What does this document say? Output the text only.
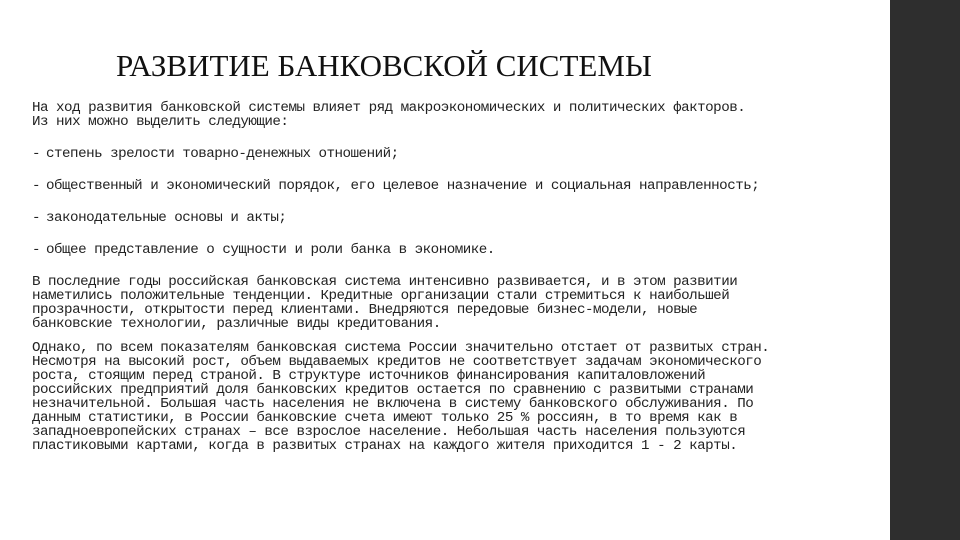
РАЗВИТИЕ БАНКОВСКОЙ СИСТЕМЫ

На ход развития банковской системы влияет ряд макроэкономических и политических факторов.
Из них можно выделить следующие:

- степень зрелости товарно-денежных отношений;
- общественный и экономический порядок, его целевое назначение и социальная направленность;
- законодательные основы и акты;
- общее представление о сущности и роли банка в экономике.

В последние годы российская банковская система интенсивно развивается, и в этом развитии
наметились положительные тенденции. Кредитные организации стали стремиться к наибольшей
прозрачности, открытости перед клиентами. Внедряются передовые бизнес-модели, новые
банковские технологии, различные виды кредитования.

Однако, по всем показателям банковская система России значительно отстает от развитых стран.
Несмотря на высокий рост, объем выдаваемых кредитов не соответствует задачам экономического
роста, стоящим перед страной. В структуре источников финансирования капиталовложений
российских предприятий доля банковских кредитов остается по сравнению с развитыми странами
незначительной. Большая часть населения не включена в систему банковского обслуживания. По
данным статистики, в России банковские счета имеют только 25 % россиян, в то время как в
западноевропейских странах – все взрослое население. Небольшая часть населения пользуются
пластиковыми картами, когда в развитых странах на каждого жителя приходится 1 - 2 карты.
